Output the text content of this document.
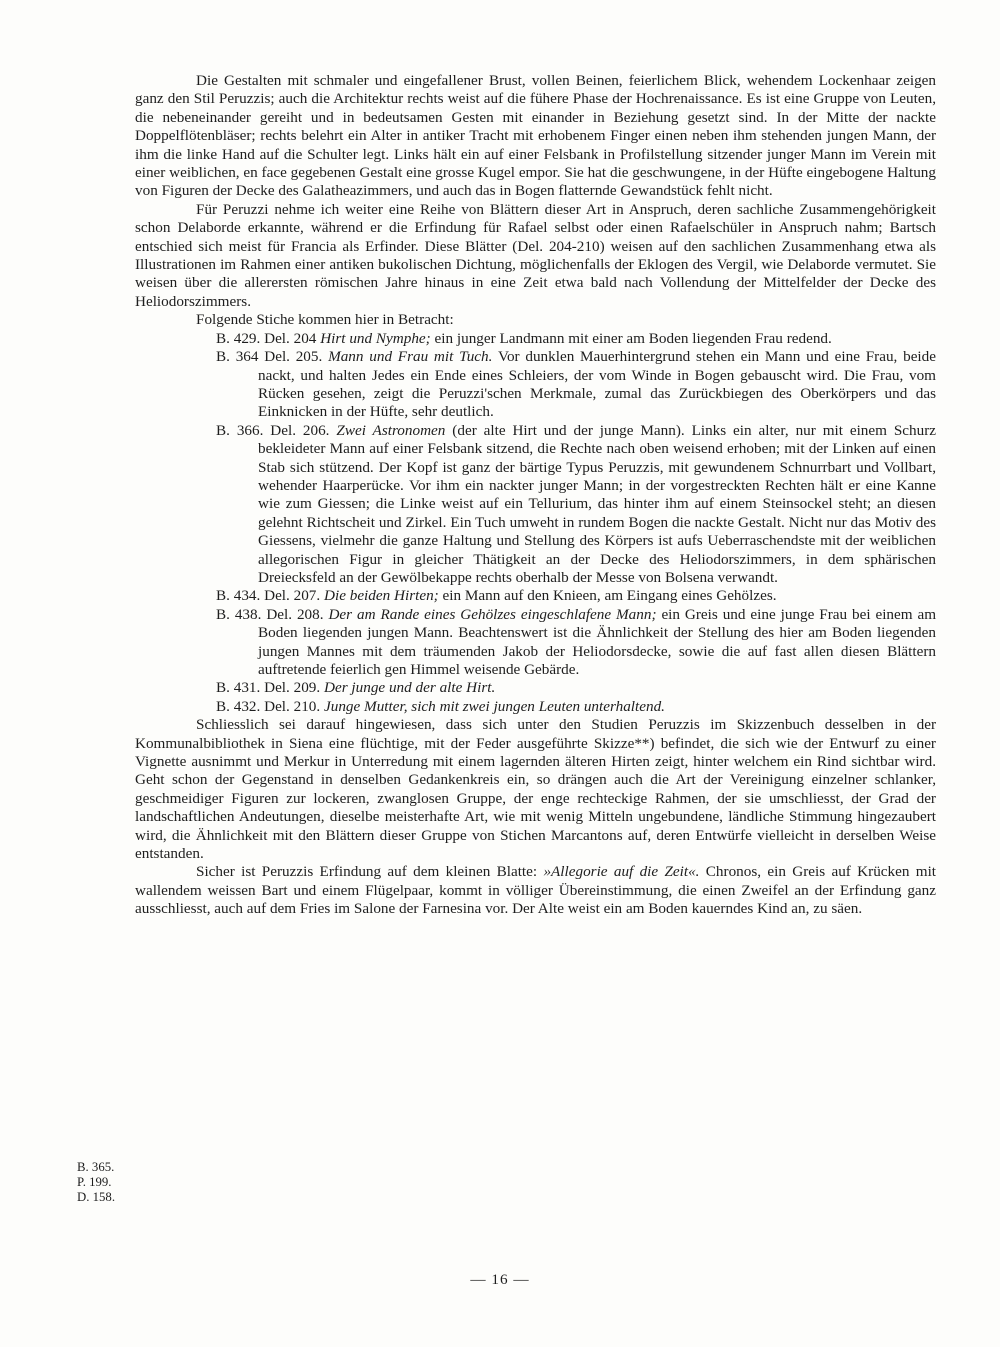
Die Gestalten mit schmaler und eingefallener Brust, vollen Beinen, feierlichem Blick, wehendem Lockenhaar zeigen ganz den Stil Peruzzis; auch die Architektur rechts weist auf die fühere Phase der Hochrenaissance. Es ist eine Gruppe von Leuten, die nebeneinander gereiht und in bedeutsamen Gesten mit einander in Beziehung gesetzt sind. In der Mitte der nackte Doppelflötenbläser; rechts belehrt ein Alter in antiker Tracht mit erhobenem Finger einen neben ihm stehenden jungen Mann, der ihm die linke Hand auf die Schulter legt. Links hält ein auf einer Felsbank in Profilstellung sitzender junger Mann im Verein mit einer weiblichen, en face gegebenen Gestalt eine grosse Kugel empor. Sie hat die geschwungene, in der Hüfte eingebogene Haltung von Figuren der Decke des Galatheazimmers, und auch das in Bogen flatternde Gewandstück fehlt nicht.

Für Peruzzi nehme ich weiter eine Reihe von Blättern dieser Art in Anspruch, deren sachliche Zusammengehörigkeit schon Delaborde erkannte, während er die Erfindung für Rafael selbst oder einen Rafaelschüler in Anspruch nahm; Bartsch entschied sich meist für Francia als Erfinder. Diese Blätter (Del. 204-210) weisen auf den sachlichen Zusammenhang etwa als Illustrationen im Rahmen einer antiken bukolischen Dichtung, möglichenfalls der Eklogen des Vergil, wie Delaborde vermutet. Sie weisen über die allerersten römischen Jahre hinaus in eine Zeit etwa bald nach Vollendung der Mittelfelder der Decke des Heliodorszimmers.

Folgende Stiche kommen hier in Betracht:

B. 429. Del. 204 Hirt und Nymphe; ein junger Landmann mit einer am Boden liegenden Frau redend.

B. 364 Del. 205. Mann und Frau mit Tuch. Vor dunklen Mauerhintergrund stehen ein Mann und eine Frau, beide nackt, und halten Jedes ein Ende eines Schleiers, der vom Winde in Bogen gebauscht wird. Die Frau, vom Rücken gesehen, zeigt die Peruzzi'schen Merkmale, zumal das Zurückbiegen des Oberkörpers und das Einknicken in der Hüfte, sehr deutlich.

B. 366. Del. 206. Zwei Astronomen (der alte Hirt und der junge Mann). Links ein alter, nur mit einem Schurz bekleideter Mann auf einer Felsbank sitzend, die Rechte nach oben weisend erhoben; mit der Linken auf einen Stab sich stützend. Der Kopf ist ganz der bärtige Typus Peruzzis, mit gewundenem Schnurrbart und Vollbart, wehender Haarperücke. Vor ihm ein nackter junger Mann; in der vorgestreckten Rechten hält er eine Kanne wie zum Giessen; die Linke weist auf ein Tellurium, das hinter ihm auf einem Steinsockel steht; an diesen gelehnt Richtscheit und Zirkel. Ein Tuch umweht in rundem Bogen die nackte Gestalt. Nicht nur das Motiv des Giessens, vielmehr die ganze Haltung und Stellung des Körpers ist aufs Ueberraschendste mit der weiblichen allegorischen Figur in gleicher Thätigkeit an der Decke des Heliodorszimmers, in dem sphärischen Dreiecksfeld an der Gewölbekappe rechts oberhalb der Messe von Bolsena verwandt.

B. 434. Del. 207. Die beiden Hirten; ein Mann auf den Knieen, am Eingang eines Gehölzes.

B. 438. Del. 208. Der am Rande eines Gehölzes eingeschlafene Mann; ein Greis und eine junge Frau bei einem am Boden liegenden jungen Mann. Beachtenswert ist die Ähnlichkeit der Stellung des hier am Boden liegenden jungen Mannes mit dem träumenden Jakob der Heliodorsdecke, sowie die auf fast allen diesen Blättern auftretende feierlich gen Himmel weisende Gebärde.

B. 431. Del. 209. Der junge und der alte Hirt.

B. 432. Del. 210. Junge Mutter, sich mit zwei jungen Leuten unterhaltend.

Schliesslich sei darauf hingewiesen, dass sich unter den Studien Peruzzis im Skizzenbuch desselben in der Kommunalbibliothek in Siena eine flüchtige, mit der Feder ausgeführte Skizze**) befindet, die sich wie der Entwurf zu einer Vignette ausnimmt und Merkur in Unterredung mit einem lagernden älteren Hirten zeigt, hinter welchem ein Rind sichtbar wird. Geht schon der Gegenstand in denselben Gedankenkreis ein, so drängen auch die Art der Vereinigung einzelner schlanker, geschmeidiger Figuren zur lockeren, zwanglosen Gruppe, der enge rechteckige Rahmen, der sie umschliesst, der Grad der landschaftlichen Andeutungen, dieselbe meisterhafte Art, wie mit wenig Mitteln ungebundene, ländliche Stimmung hingezaubert wird, die Ähnlichkeit mit den Blättern dieser Gruppe von Stichen Marcantons auf, deren Entwürfe vielleicht in derselben Weise entstanden.

Sicher ist Peruzzis Erfindung auf dem kleinen Blatte: »Allegorie auf die Zeit«. Chronos, ein Greis auf Krücken mit wallendem weissen Bart und einem Flügelpaar, kommt in völliger Übereinstimmung, die einen Zweifel an der Erfindung ganz ausschliesst, auch auf dem Fries im Salone der Farnesina vor. Der Alte weist ein am Boden kauerndes Kind an, zu säen.

B. 365.
P. 199.
D. 158.
— 16 —
